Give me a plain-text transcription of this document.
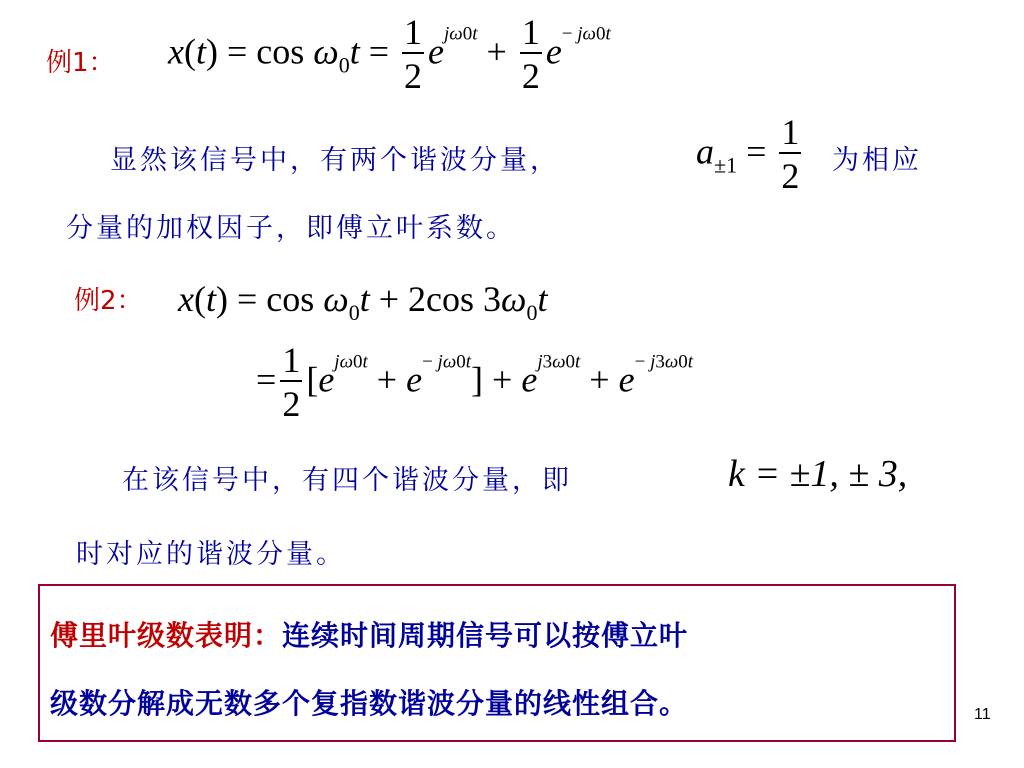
例1： $x(t) = \cos \omega_0t = \frac{1}{2} e^{j\omega 0t} + \frac{1}{2} e^{- j\omega 0t}$
显然该信号中，有两个谐波分量，	$a_{\pm 1} = \frac{1}{2}$ 为相应
分量的加权因子，即傅立叶系数。
例2： $x(t) = \cos \omega_0t + 2\cos$ $3\omega_0t$
= $\frac{1}{2} [e^{j\omega 0t} + e^{- j\omega 0t}] + e^{j3\omega 0t} + e^{- j3\omega 0t}$
在该信号中，有四个谐波分量，即	k = ±1, ± 3,
时对应的谐波分量。
傅里叶级数表明：连续时间周期信号可以按傅立叶
级数分解成无数多个复指数谐波分量的线性组合。	11
